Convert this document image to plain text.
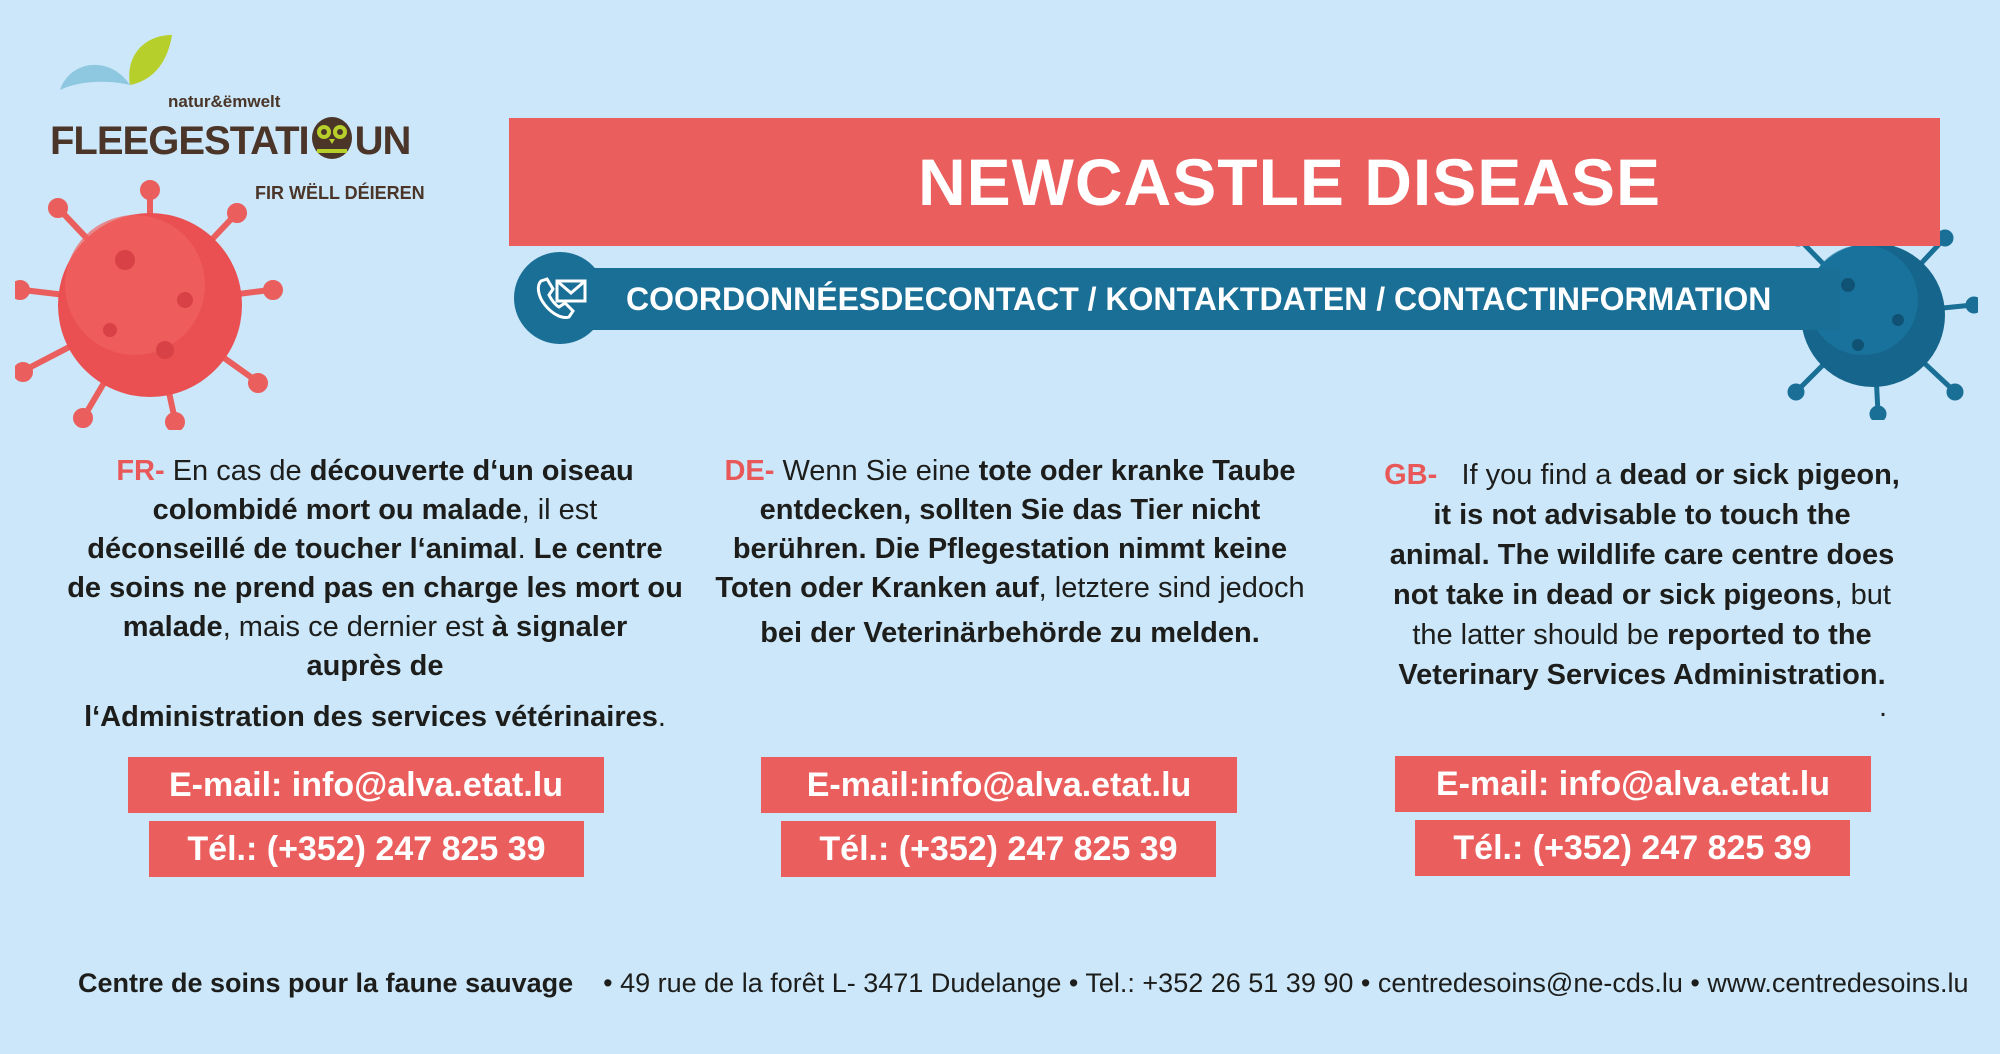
natur&ëmwelt
FLEEGESTATI UN
FIR WËLL DÉIEREN	NEWCASTLE DISEASE
COORDONNÉESDECONTACT / KONTAKTDATEN / CONTACTINFORMATION
FR- En cas de découverte d‘un oiseau
colombidé mort ou malade, il est
déconseillé de toucher l‘animal. Le centre
de soins ne prend pas en charge les mort ou
malade, mais ce dernier est à signaler
auprès de
l‘Administration des services vétérinaires.
DE- Wenn Sie eine tote oder kranke Taube
entdecken, sollten Sie das Tier nicht
berühren. Die Pflegestation nimmt keine
Toten oder Kranken auf, letztere sind jedoch
bei der Veterinärbehörde zu melden.
GB- If you find a dead or sick pigeon,
it is not advisable to touch the
animal. The wildlife care centre does
not take in dead or sick pigeons, but
the latter should be reported to the
Veterinary Services Administration.
.
E-mail: info@alva.etat.lu
Tél.: (+352) 247 825 39
E-mail:info@alva.etat.lu
Tél.: (+352) 247 825 39
E-mail: info@alva.etat.lu
Tél.: (+352) 247 825 39
Centre de soins pour la faune sauvage • 49 rue de la forêt L- 3471 Dudelange • Tel.: +352 26 51 39 90 • centredesoins@ne-cds.lu • www.centredesoins.lu
